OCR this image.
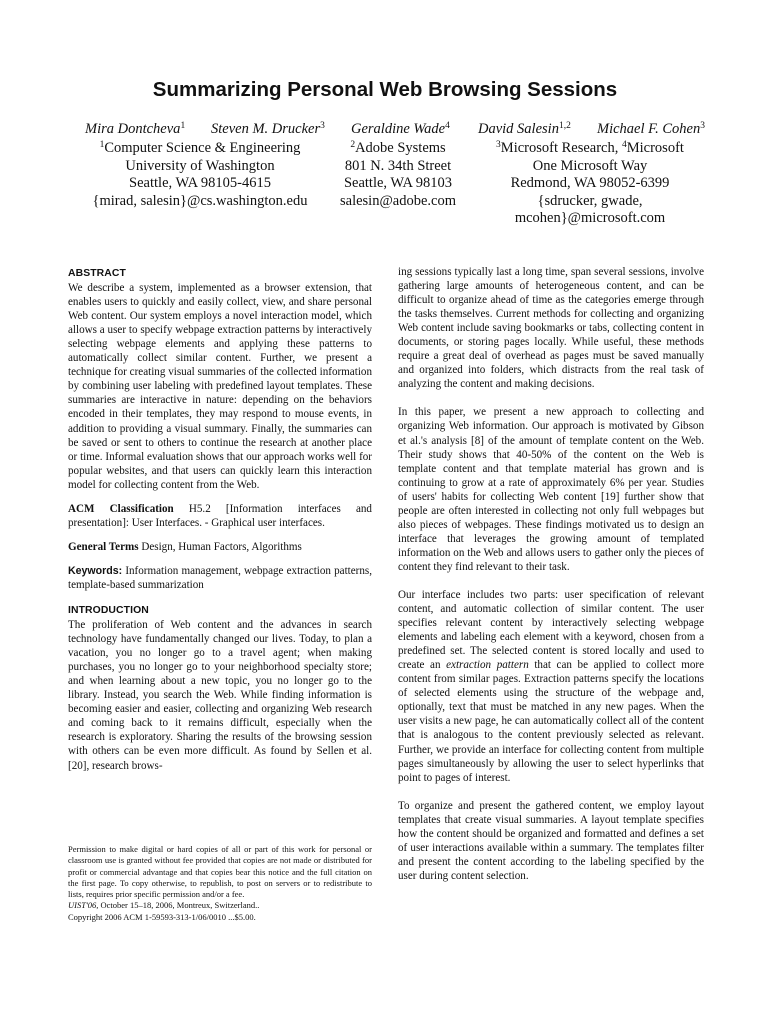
Summarizing Personal Web Browsing Sessions
Mira Dontcheva$^1$ Steven M. Drucker$^3$ Geraldine Wade$^4$ David Salesin$^{1,2}$ Michael F. Cohen$^3$
$^1$Computer Science & Engineering
University of Washington
Seattle, WA 98105-4615
{mirad, salesin}@cs.washington.edu
$^2$Adobe Systems
801 N. 34th Street
Seattle, WA 98103
salesin@adobe.com
$^3$Microsoft Research, $^4$Microsoft
One Microsoft Way
Redmond, WA 98052-6399
{sdrucker, gwade,
mcohen}@microsoft.com
ABSTRACT

We describe a system, implemented as a browser extension, that enables users to quickly and easily collect, view, and share personal Web content. Our system employs a novel interaction model, which allows a user to specify webpage extraction patterns by interactively selecting webpage elements and applying these patterns to automatically collect similar content. Further, we present a technique for creating visual summaries of the collected information by combining user labeling with predefined layout templates. These summaries are interactive in nature: depending on the behaviors encoded in their templates, they may respond to mouse events, in addition to providing a visual summary. Finally, the summaries can be saved or sent to others to continue the research at another place or time. Informal evaluation shows that our approach works well for popular websites, and that users can quickly learn this interaction model for collecting content from the Web.

ACM Classification H5.2 [Information interfaces and presentation]: User Interfaces. - Graphical user interfaces.

General Terms Design, Human Factors, Algorithms

Keywords: Information management, webpage extraction patterns, template-based summarization

INTRODUCTION

The proliferation of Web content and the advances in search technology have fundamentally changed our lives. Today, to plan a vacation, you no longer go to a travel agent; when making purchases, you no longer go to your neighborhood specialty store; and when learning about a new topic, you no longer go to the library. Instead, you search the Web. While finding information is becoming easier and easier, collecting and organizing Web research and coming back to it remains difficult, especially when the research is exploratory. Sharing the results of the browsing session with others can be even more difficult. As found by Sellen et al. [20], research brows-

Permission to make digital or hard copies of all or part of this work for personal or classroom use is granted without fee provided that copies are not made or distributed for profit or commercial advantage and that copies bear this notice and the full citation on the first page. To copy otherwise, to republish, to post on servers or to redistribute to lists, requires prior specific permission and/or a fee.
UIST'06, October 15–18, 2006, Montreux, Switzerland..
Copyright 2006 ACM 1-59593-313-1/06/0010 ...$5.00.

ing sessions typically last a long time, span several sessions, involve gathering large amounts of heterogeneous content, and can be difficult to organize ahead of time as the categories emerge through the tasks themselves. Current methods for collecting and organizing Web content include saving bookmarks or tabs, collecting content in documents, or storing pages locally. While useful, these methods require a great deal of overhead as pages must be saved manually and organized into folders, which distracts from the real task of analyzing the content and making decisions.

In this paper, we present a new approach to collecting and organizing Web information. Our approach is motivated by Gibson et al.'s analysis [8] of the amount of template content on the Web. Their study shows that 40-50% of the content on the Web is template content and that template material has grown and is continuing to grow at a rate of approximately 6% per year. Studies of users' habits for collecting Web content [19] further show that people are often interested in collecting not only full webpages but also pieces of webpages. These findings motivated us to design an interface that leverages the growing amount of templated information on the Web and allows users to gather only the pieces of content they find relevant to their task.

Our interface includes two parts: user specification of relevant content, and automatic collection of similar content. The user specifies relevant content by interactively selecting webpage elements and labeling each element with a keyword, chosen from a predefined set. The selected content is stored locally and used to create an extraction pattern that can be applied to collect more content from similar pages. Extraction patterns specify the locations of selected elements using the structure of the webpage and, optionally, text that must be matched in any new pages. When the user visits a new page, he can automatically collect all of the content that is analogous to the content previously selected as relevant. Further, we provide an interface for collecting content from multiple pages simultaneously by allowing the user to select hyperlinks that point to pages of interest.

To organize and present the gathered content, we employ layout templates that create visual summaries. A layout template specifies how the content should be organized and formatted and defines a set of user interactions available within a summary. The templates filter and present the content according to the labeling specified by the user during content selection.
